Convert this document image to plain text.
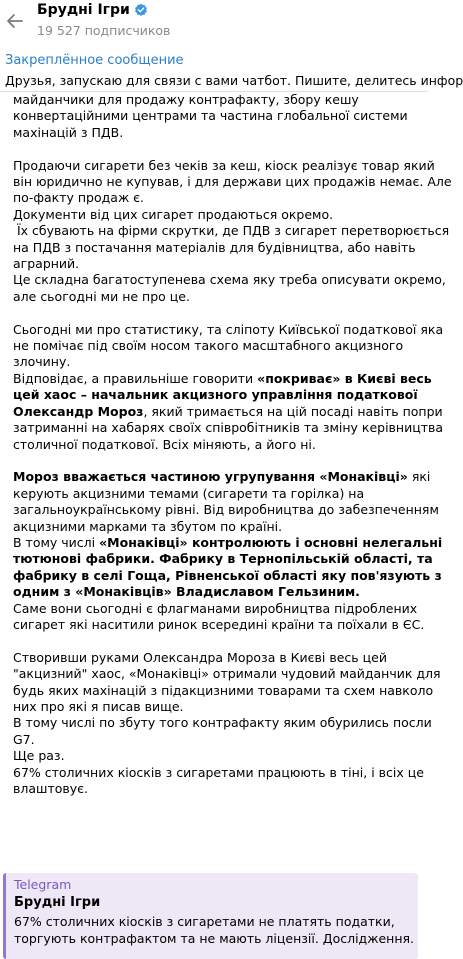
Брудні Ігри
19 527 подписчиков
Закреплённое сообщение
Друзья, запускаю для связи с вами чатбот. Пишите, делитесь инфор
майданчики для продажу контрафакту, збору кешу
конвертаційними центрами та частина глобальної системи
махінацій з ПДВ.
Продаючи сигарети без чеків за кеш, кіоск реалізує товар який
він юридично не купував, і для держави цих продажів немає. Але
по-факту продаж є.
Документи від цих сигарет продаються окремо.
Їх сбувають на фірми скрутки, де ПДВ з сигарет перетворюється
на ПДВ з постачання матеріалів для будівництва, або навіть
аграрний.
Це складна багатоступенева схема яку треба описувати окремо,
але сьогодні ми не про це.
Сьогодні ми про статистику, та сліпоту Київської податкової яка
не помічає під своїм носом такого масштабного акцизного
злочину.
Відповідає, а правильніше говорити «покриває» в Києві весь
цей хаос – начальник акцизного управління податкової
Олександр Мороз, який тримається на цій посаді навіть попри
затриманні на хабарях своїх співробітників та зміну керівництва
столичної податкової. Всіх міняють, а його ні.
Мороз вважається частиною угрупування «Монаківці» які
керують акцизними темами (сигарети та горілка) на
загальноукраїнському рівні. Від виробництва до забезпеченням
акцизними марками та збутом по країні.
В тому числі «Монаківці» контролюють і основні нелегальні
тютюнові фабрики. Фабрику в Тернопільській області, та
фабрику в селі Гоща, Рівненської області яку пов'язують з
одним з «Монаківців» Владиславом Гельзиним.
Саме вони сьогодні є флагманами виробництва підроблених
сигарет які наситили ринок всередині країни та поїхали в ЄС.
Створивши руками Олександра Мороза в Києві весь цей
"акцизний" хаос, «Монаківці» отримали чудовий майданчик для
будь яких махінацій з підакцизними товарами та схем навколо
них про які я писав вище.
В тому числі по збуту того контрафакту яким обурились посли
G7.
Ще раз.
67% столичних кіосків з сигаретами працюють в тіні, і всіх це
влаштовує.
Telegram
Брудні Ігри
67% столичних кіосків з сигаретами не платять податки,
торгують контрафактом та не мають ліцензії. Дослідження.
